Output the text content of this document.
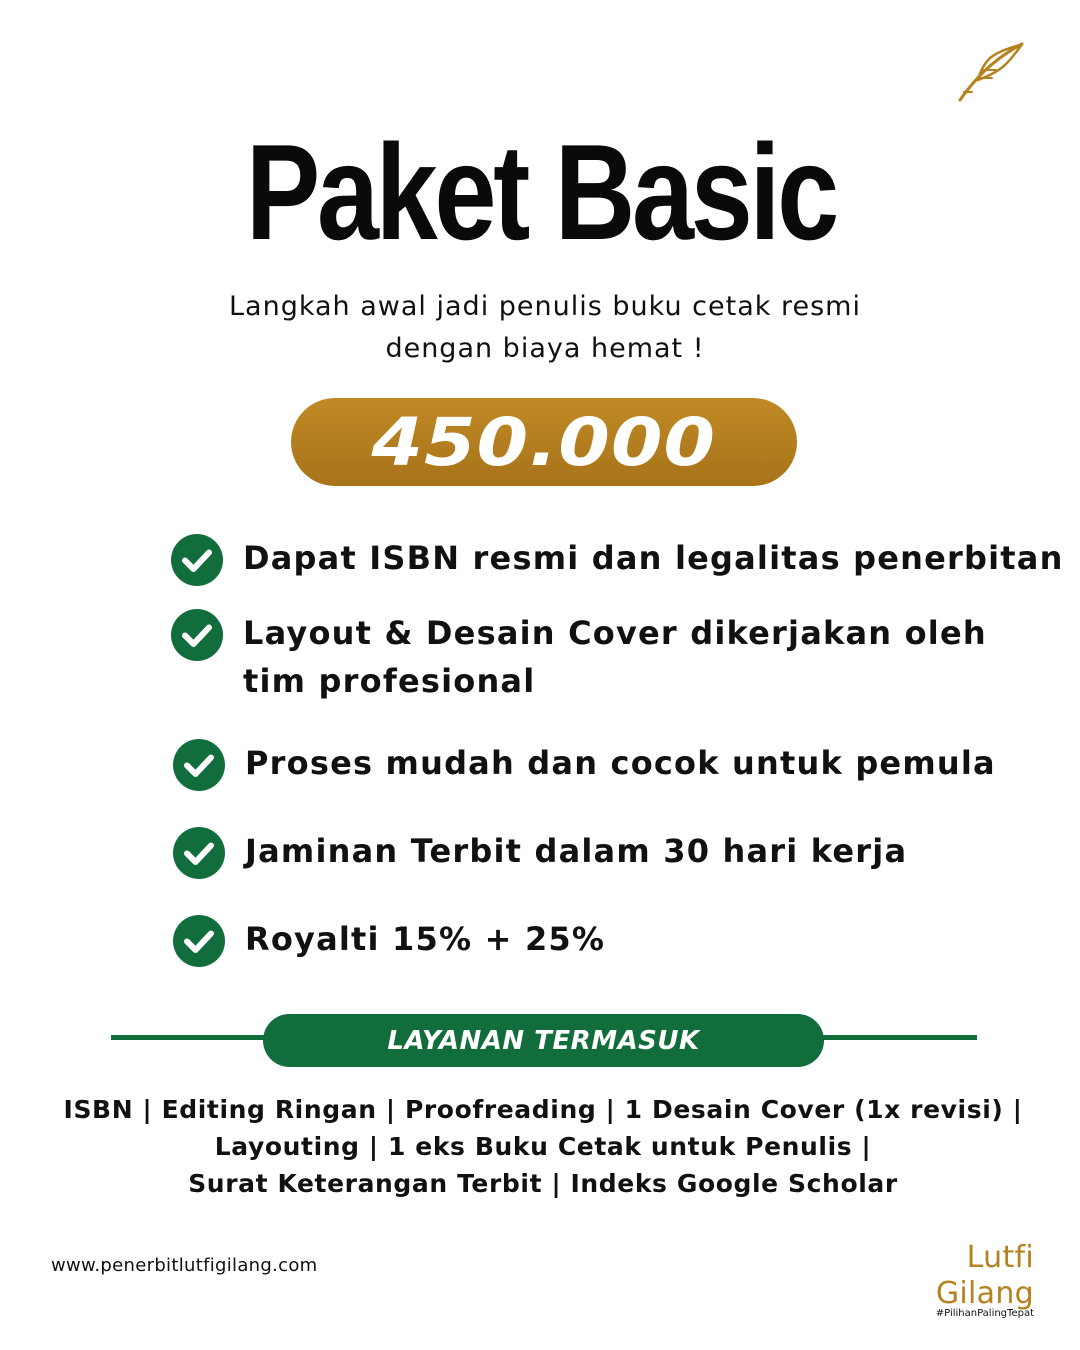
Paket Basic
Langkah awal jadi penulis buku cetak resmi
dengan biaya hemat !
450.000
Dapat ISBN resmi dan legalitas penerbitan
Layout & Desain Cover dikerjakan oleh
tim profesional
Proses mudah dan cocok untuk pemula
Jaminan Terbit dalam 30 hari kerja
Royalti 15% + 25%
LAYANAN TERMASUK
ISBN | Editing Ringan | Proofreading | 1 Desain Cover (1x revisi) |
Layouting | 1 eks Buku Cetak untuk Penulis |
Surat Keterangan Terbit | Indeks Google Scholar
www.penerbitlutfigilang.com	Lutfi Gilang
#PilihanPalingTepat
